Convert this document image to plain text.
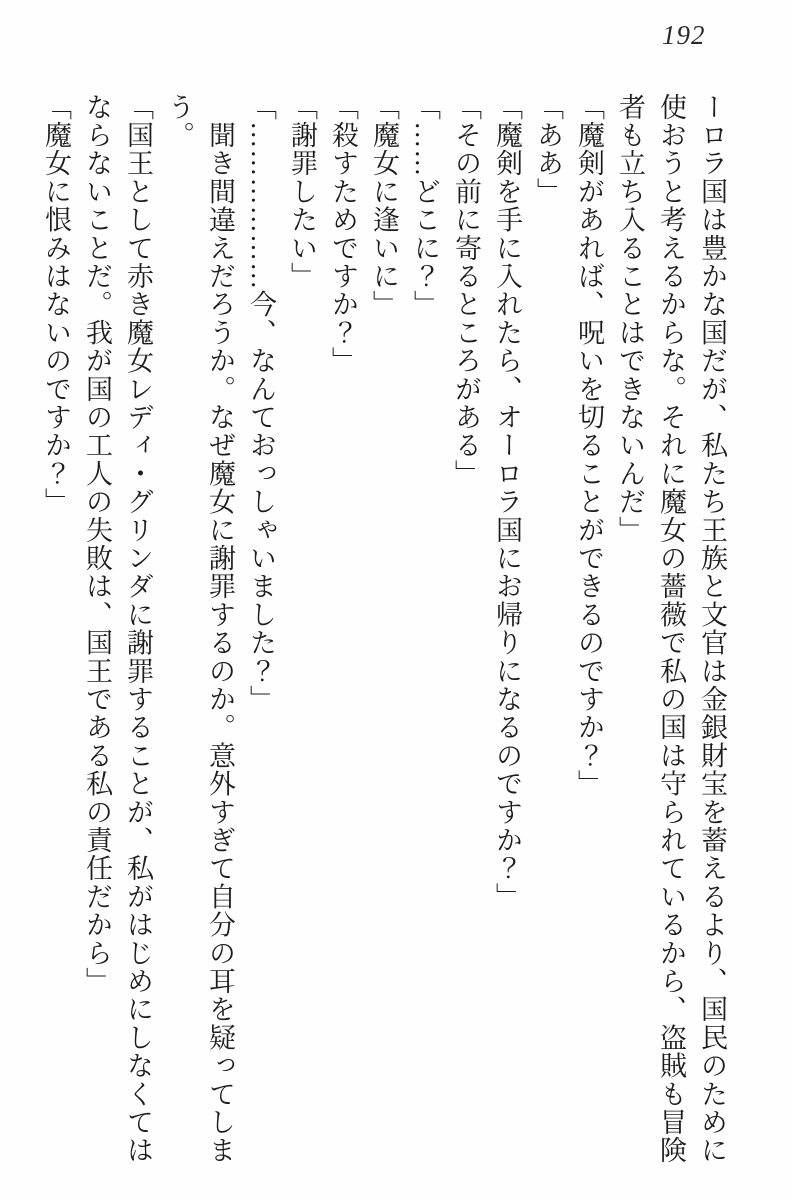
192

ーロラ国は豊かな国だが、私たち王族と文官は金銀財宝を蓄えるより、国民のために

使おうと考えるからな。それに魔女の薔薇で私の国は守られているから、盗賊も冒険

者も立ち入ることはできないんだ」

「魔剣があれば、呪いを切ることができるのですか？」

「ああ」

「魔剣を手に入れたら、オーロラ国にお帰りになるのですか？」

「その前に寄るところがある」

「……どこに？」

「魔女に逢いに」

「殺すためですか？」

「謝罪したい」

「………………今、なんておっしゃいました？」

　聞き間違えだろうか。なぜ魔女に謝罪するのか。意外すぎて自分の耳を疑ってしま

う。

「国王として赤き魔女レディ・グリンダに謝罪することが、私がはじめにしなくては

ならないことだ。我が国の工人の失敗は、国王である私の責任だから」

「魔女に恨みはないのですか？」
